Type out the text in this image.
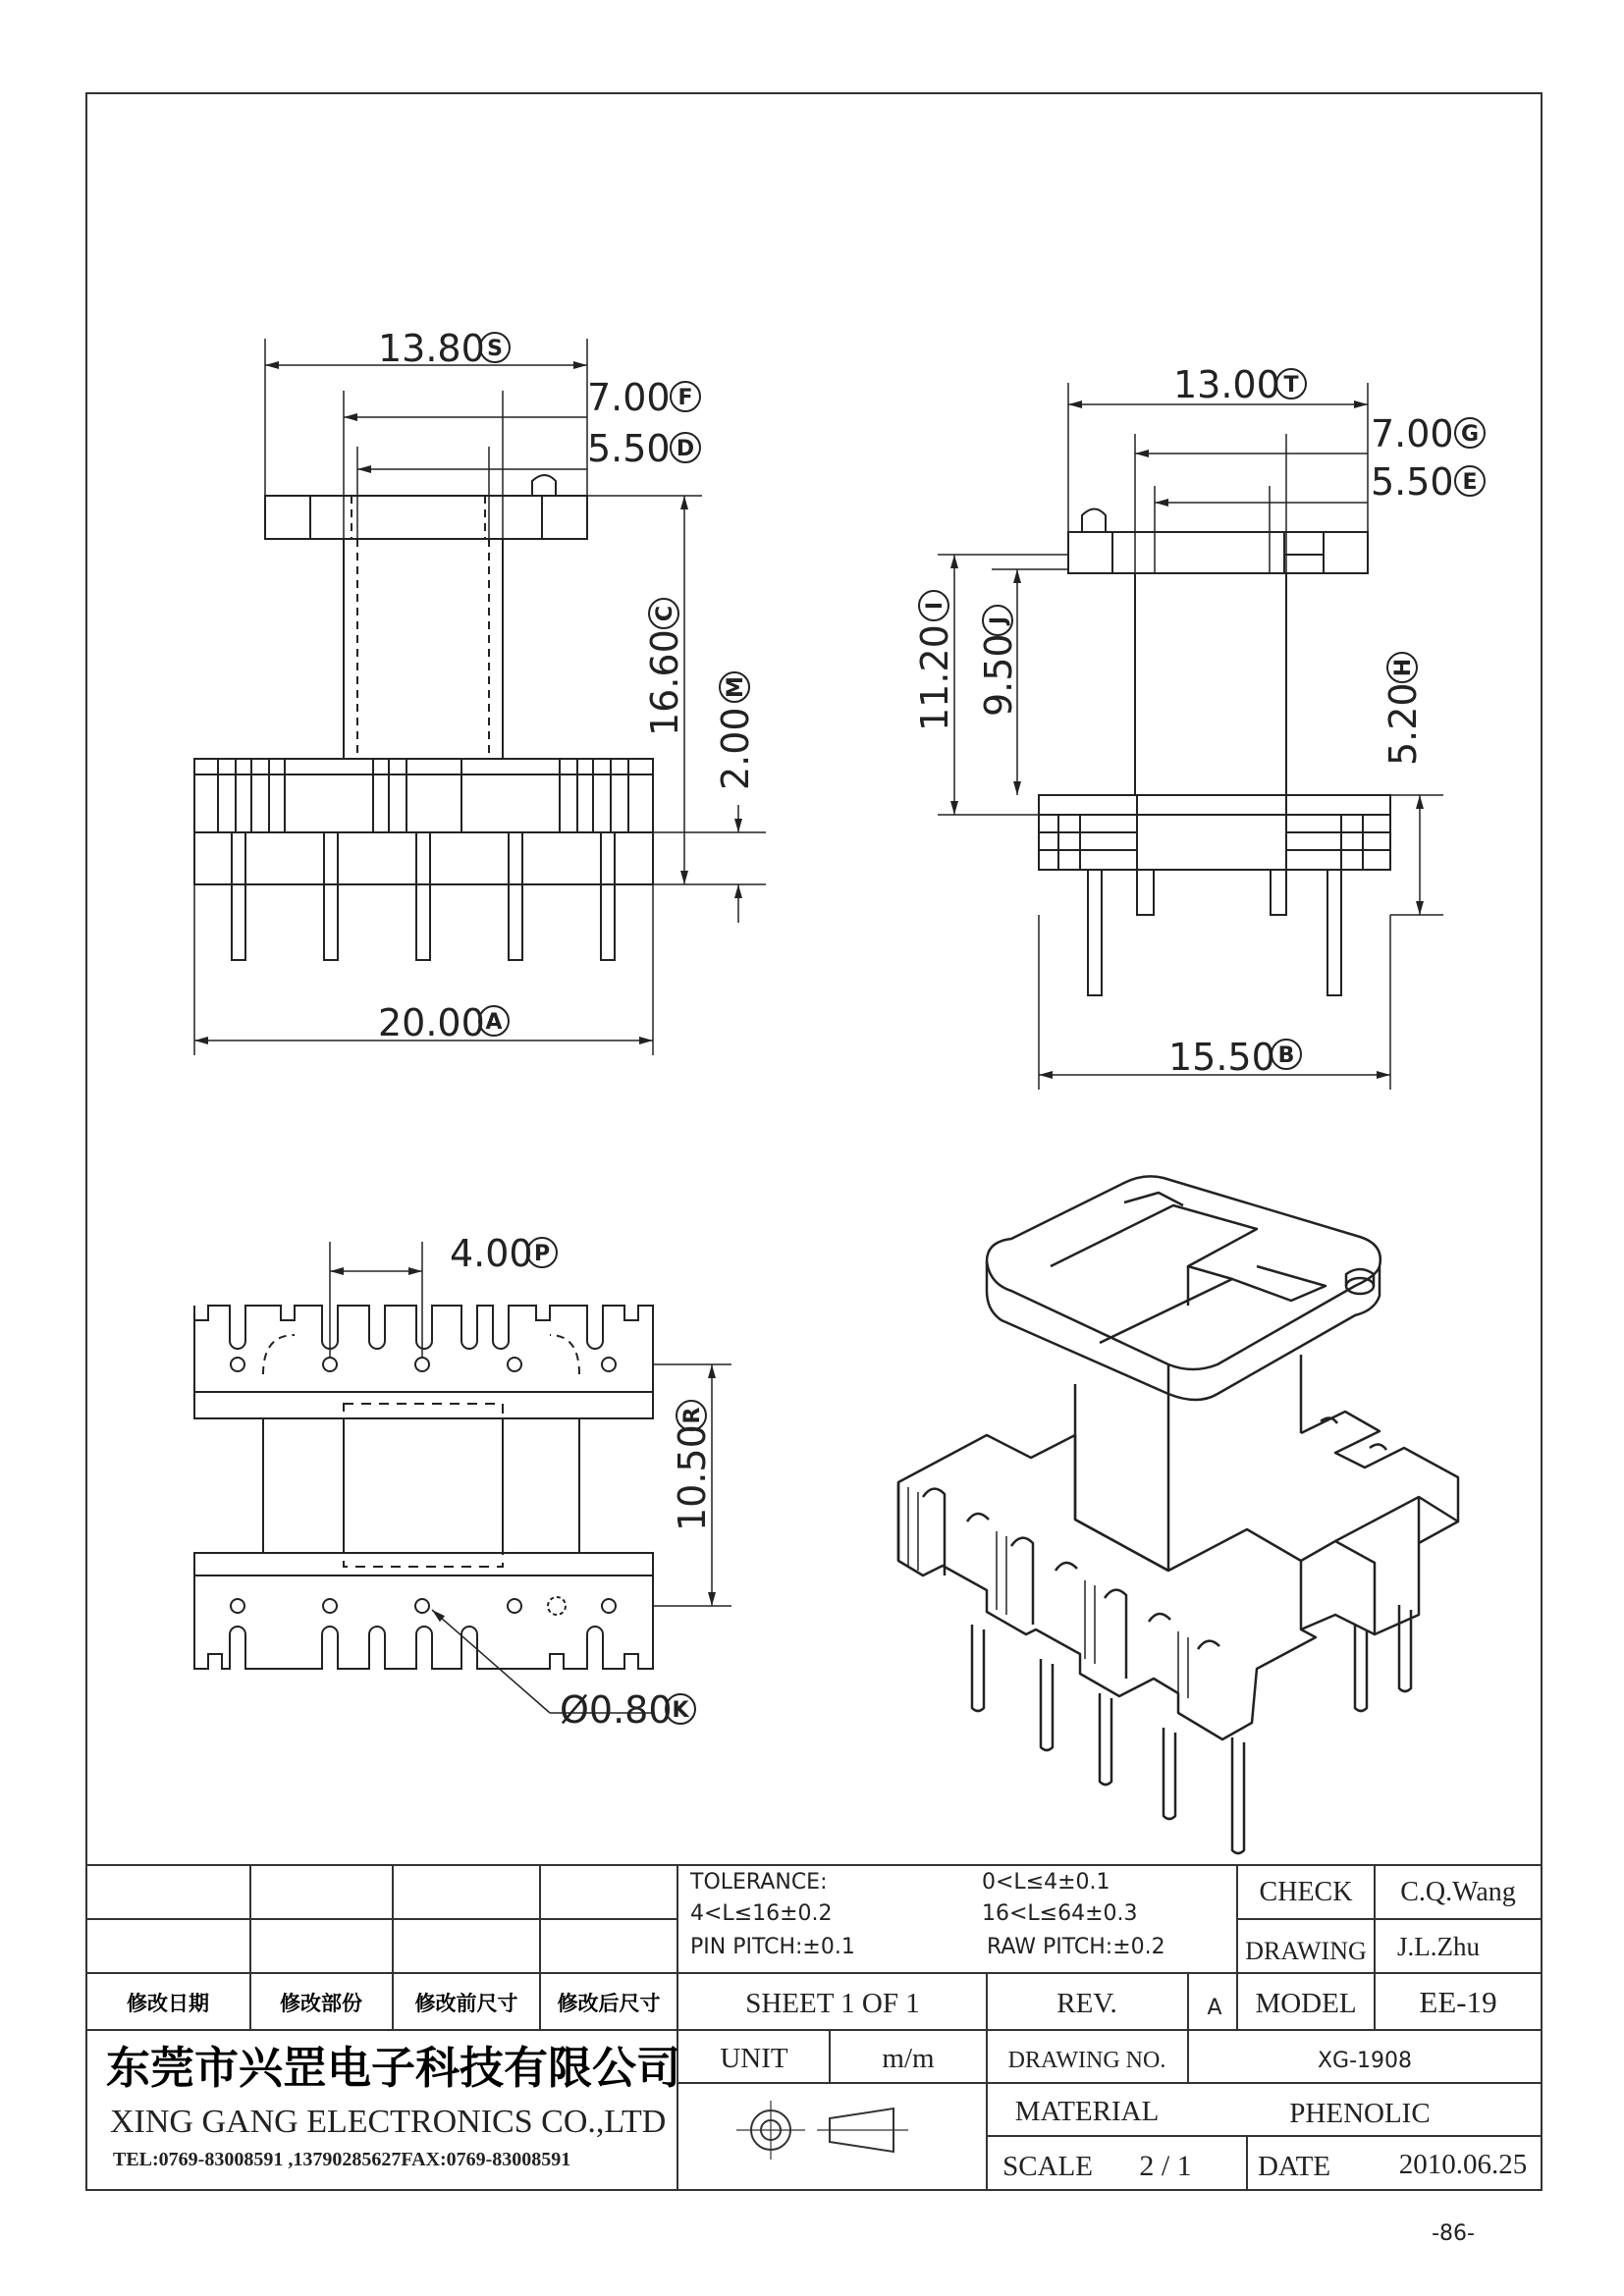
13.80 S
7.00 F
5.50 D
16.60
C
2.00
M
20.00 A
13.00 T
7.00 G
5.50 E
11.20
I
9.50
J
5.20
H
15.50 B
4.00 P
10.50
R
Ø0.80 K
TOLERANCE:	0<L≤4±0.1
4<L≤16±0.2	16<L≤64±0.3
PIN PITCH:±0.1	RAW PITCH:±0.2
CHECK C.Q.Wang
DRAWING J.L.Zhu
修改日期	修改部份	修改前尺寸 修改后尺寸	SHEET 1 OF 1	REV.	A MODEL EE-19
东莞市兴罡电子科技有限公司
XING GANG ELECTRONICS CO.,LTD
TEL:0769-83008591 ,13790285627FAX:0769-83008591
UNIT	m/m	DRAWING NO.	XG-1908
MATERIAL	PHENOLIC
SCALE 2 / 1 DATE 2010.06.25
-86-
